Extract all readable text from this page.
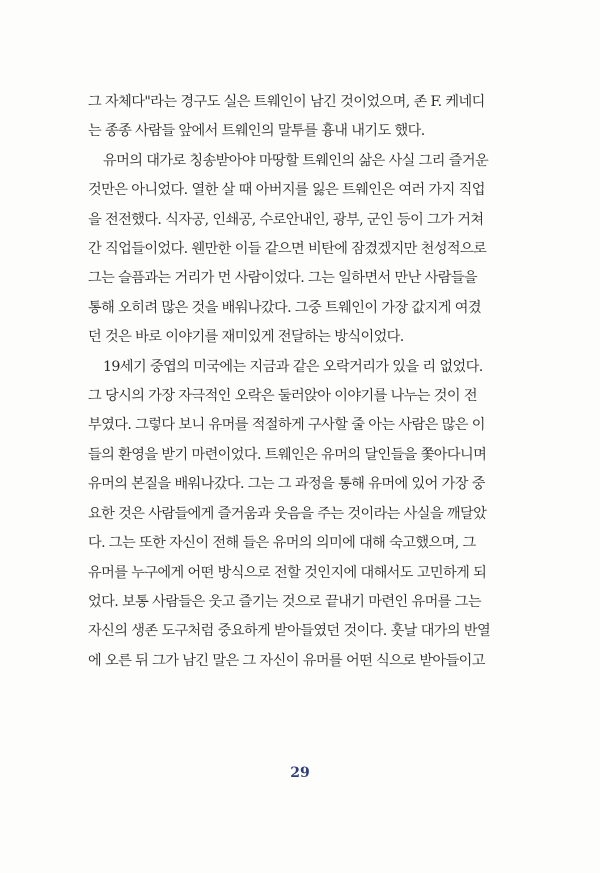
그 자체다"라는 경구도 실은 트웨인이 남긴 것이었으며, 존 F. 케네디
는 종종 사람들 앞에서 트웨인의 말투를 흉내 내기도 했다.
유머의 대가로 칭송받아야 마땅할 트웨인의 삶은 사실 그리 즐거운
것만은 아니었다. 열한 살 때 아버지를 잃은 트웨인은 여러 가지 직업
을 전전했다. 식자공, 인쇄공, 수로안내인, 광부, 군인 등이 그가 거쳐
간 직업들이었다. 웬만한 이들 같으면 비탄에 잠겼겠지만 천성적으로
그는 슬픔과는 거리가 먼 사람이었다. 그는 일하면서 만난 사람들을
통해 오히려 많은 것을 배워나갔다. 그중 트웨인이 가장 값지게 여겼
던 것은 바로 이야기를 재미있게 전달하는 방식이었다.
19세기 중엽의 미국에는 지금과 같은 오락거리가 있을 리 없었다.
그 당시의 가장 자극적인 오락은 둘러앉아 이야기를 나누는 것이 전
부였다. 그렇다 보니 유머를 적절하게 구사할 줄 아는 사람은 많은 이
들의 환영을 받기 마련이었다. 트웨인은 유머의 달인들을 쫓아다니며
유머의 본질을 배워나갔다. 그는 그 과정을 통해 유머에 있어 가장 중
요한 것은 사람들에게 즐거움과 웃음을 주는 것이라는 사실을 깨달았
다. 그는 또한 자신이 전해 들은 유머의 의미에 대해 숙고했으며, 그
유머를 누구에게 어떤 방식으로 전할 것인지에 대해서도 고민하게 되
었다. 보통 사람들은 웃고 즐기는 것으로 끝내기 마련인 유머를 그는
자신의 생존 도구처럼 중요하게 받아들였던 것이다. 훗날 대가의 반열
에 오른 뒤 그가 남긴 말은 그 자신이 유머를 어떤 식으로 받아들이고
29
